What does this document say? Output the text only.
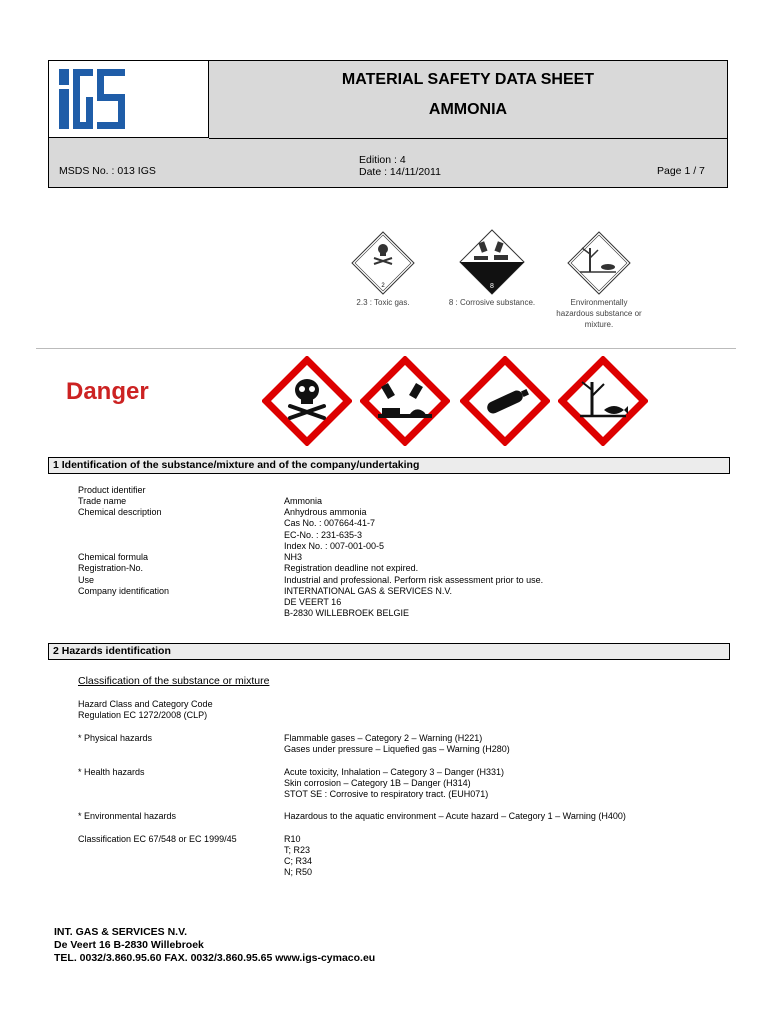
MATERIAL SAFETY DATA SHEET
AMMONIA
MSDS No. : 013 IGS
Edition : 4
Date : 14/11/2011	Page 1 / 7
2
2.3 : Toxic gas.
8
8 : Corrosive substance.	Environmentally
hazardous substance or
mixture.
Danger
1 Identification of the substance/mixture and of the company/undertaking
Product identifier
Trade name	Ammonia
Chemical description	Anhydrous ammonia
Cas No. : 007664-41-7
EC-No. : 231-635-3
Index No. : 007-001-00-5
Chemical formula	NH3
Registration-No.	Registration deadline not expired.
Use	Industrial and professional. Perform risk assessment prior to use.
Company identification	INTERNATIONAL GAS & SERVICES N.V.
DE VEERT 16
B-2830 WILLEBROEK BELGIE
2 Hazards identification
Classification of the substance or mixture
Hazard Class and Category Code
Regulation EC 1272/2008 (CLP)
* Physical hazards	Flammable gases – Category 2 – Warning (H221)
Gases under pressure – Liquefied gas – Warning (H280)
* Health hazards	Acute toxicity, Inhalation – Category 3 – Danger (H331)
Skin corrosion – Category 1B – Danger (H314)
STOT SE : Corrosive to respiratory tract. (EUH071)
* Environmental hazards	Hazardous to the aquatic environment – Acute hazard – Category 1 – Warning (H400)
Classification EC 67/548 or EC 1999/45	R10
T; R23
C; R34
N; R50
INT. GAS & SERVICES N.V.
De Veert 16 B-2830 Willebroek
TEL. 0032/3.860.95.60 FAX. 0032/3.860.95.65 www.igs-cymaco.eu
